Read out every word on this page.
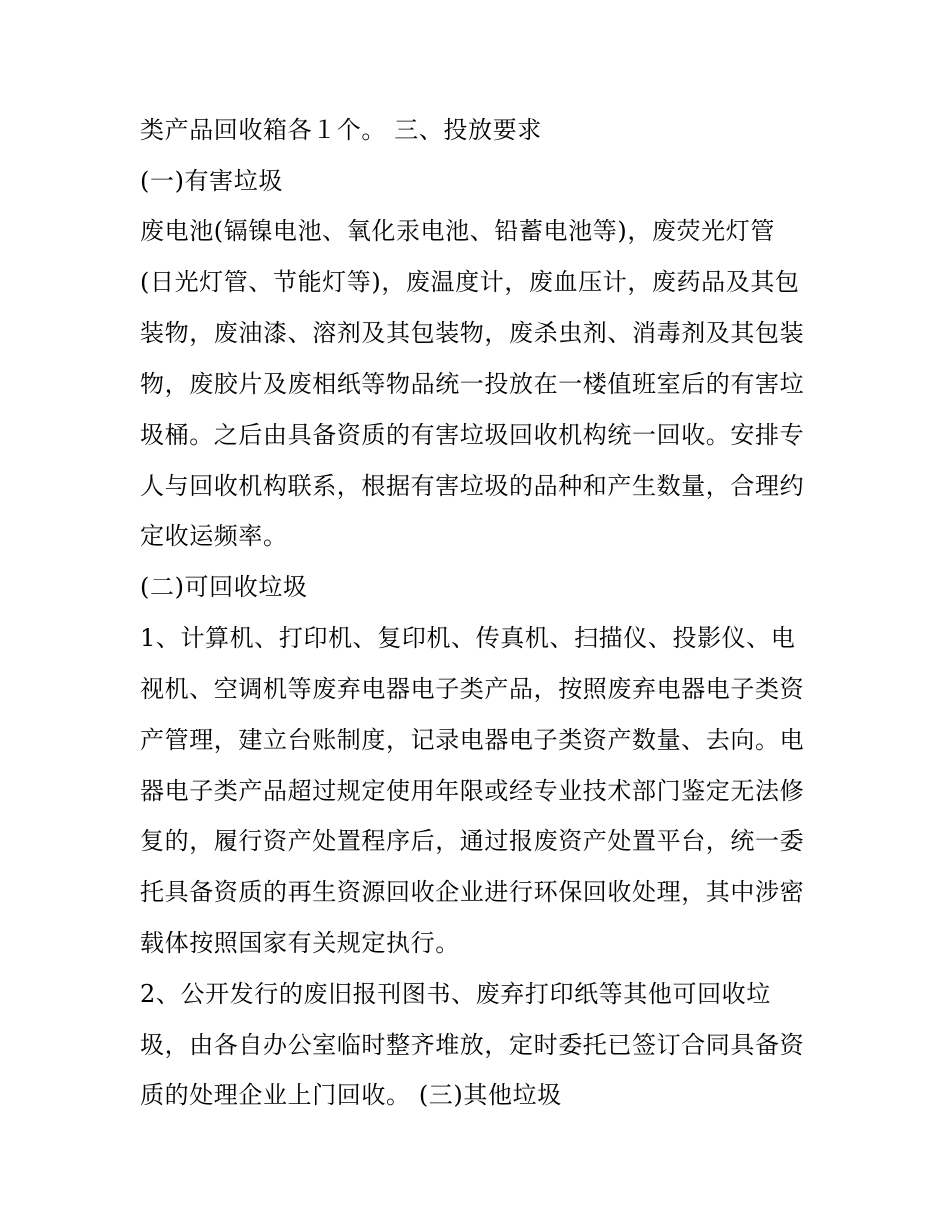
类产品回收箱各１个。 三、投放要求
(一)有害垃圾
废电池(镉镍电池、氧化汞电池、铅蓄电池等)，废荧光灯管
(日光灯管、节能灯等)，废温度计，废血压计，废药品及其包
装物，废油漆、溶剂及其包装物，废杀虫剂、消毒剂及其包装
物，废胶片及废相纸等物品统一投放在一楼值班室后的有害垃
圾桶。之后由具备资质的有害垃圾回收机构统一回收。安排专
人与回收机构联系，根据有害垃圾的品种和产生数量，合理约
定收运频率。
(二)可回收垃圾
1、计算机、打印机、复印机、传真机、扫描仪、投影仪、电
视机、空调机等废弃电器电子类产品，按照废弃电器电子类资
产管理，建立台账制度，记录电器电子类资产数量、去向。电
器电子类产品超过规定使用年限或经专业技术部门鉴定无法修
复的，履行资产处置程序后，通过报废资产处置平台，统一委
托具备资质的再生资源回收企业进行环保回收处理，其中涉密
载体按照国家有关规定执行。
2、公开发行的废旧报刊图书、废弃打印纸等其他可回收垃
圾，由各自办公室临时整齐堆放，定时委托已签订合同具备资
质的处理企业上门回收。 (三)其他垃圾
